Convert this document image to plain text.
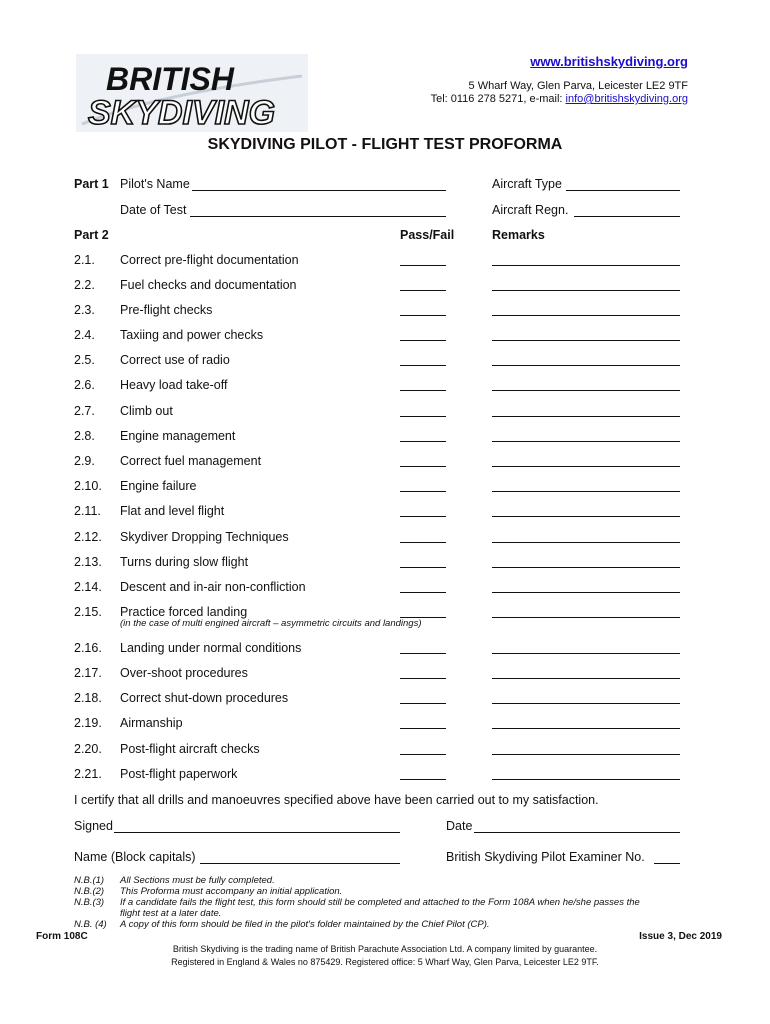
BRITISH
SKYDIVING
www.britishskydiving.org
5 Wharf Way, Glen Parva, Leicester LE2 9TF
Tel: 0116 278 5271, e-mail: info@britishskydiving.org
SKYDIVING PILOT - FLIGHT TEST PROFORMA
Part 1 Pilot's Name	Aircraft Type
Date of Test	Aircraft Regn.
Part 2	Pass/Fail	Remarks
2.1. Correct pre-flight documentation
2.2. Fuel checks and documentation
2.3. Pre-flight checks
2.4. Taxiing and power checks
2.5. Correct use of radio
2.6. Heavy load take-off
2.7. Climb out
2.8. Engine management
2.9. Correct fuel management
2.10. Engine failure
2.11. Flat and level flight
2.12. Skydiver Dropping Techniques
2.13. Turns during slow flight
2.14. Descent and in-air non-confliction
2.15. Practice forced landing
2.16. Landing under normal conditions
2.17. Over-shoot procedures
2.18. Correct shut-down procedures
2.19. Airmanship
2.20. Post-flight aircraft checks
2.21. Post-flight paperwork
(in the case of multi engined aircraft – asymmetric circuits and landings)
I certify that all drills and manoeuvres specified above have been carried out to my satisfaction.
Signed	Date
Name (Block capitals)	British Skydiving Pilot Examiner No.
N.B.(1) All Sections must be fully completed.
N.B.(2) This Proforma must accompany an initial application.
N.B.(3) If a candidate fails the flight test, this form should still be completed and attached to the Form 108A when he/she passes the
flight test at a later date.
N.B. (4) A copy of this form should be filed in the pilot's folder maintained by the Chief Pilot (CP).
Form 108C	Issue 3, Dec 2019
British Skydiving is the trading name of British Parachute Association Ltd. A company limited by guarantee.
Registered in England & Wales no 875429. Registered office: 5 Wharf Way, Glen Parva, Leicester LE2 9TF.
